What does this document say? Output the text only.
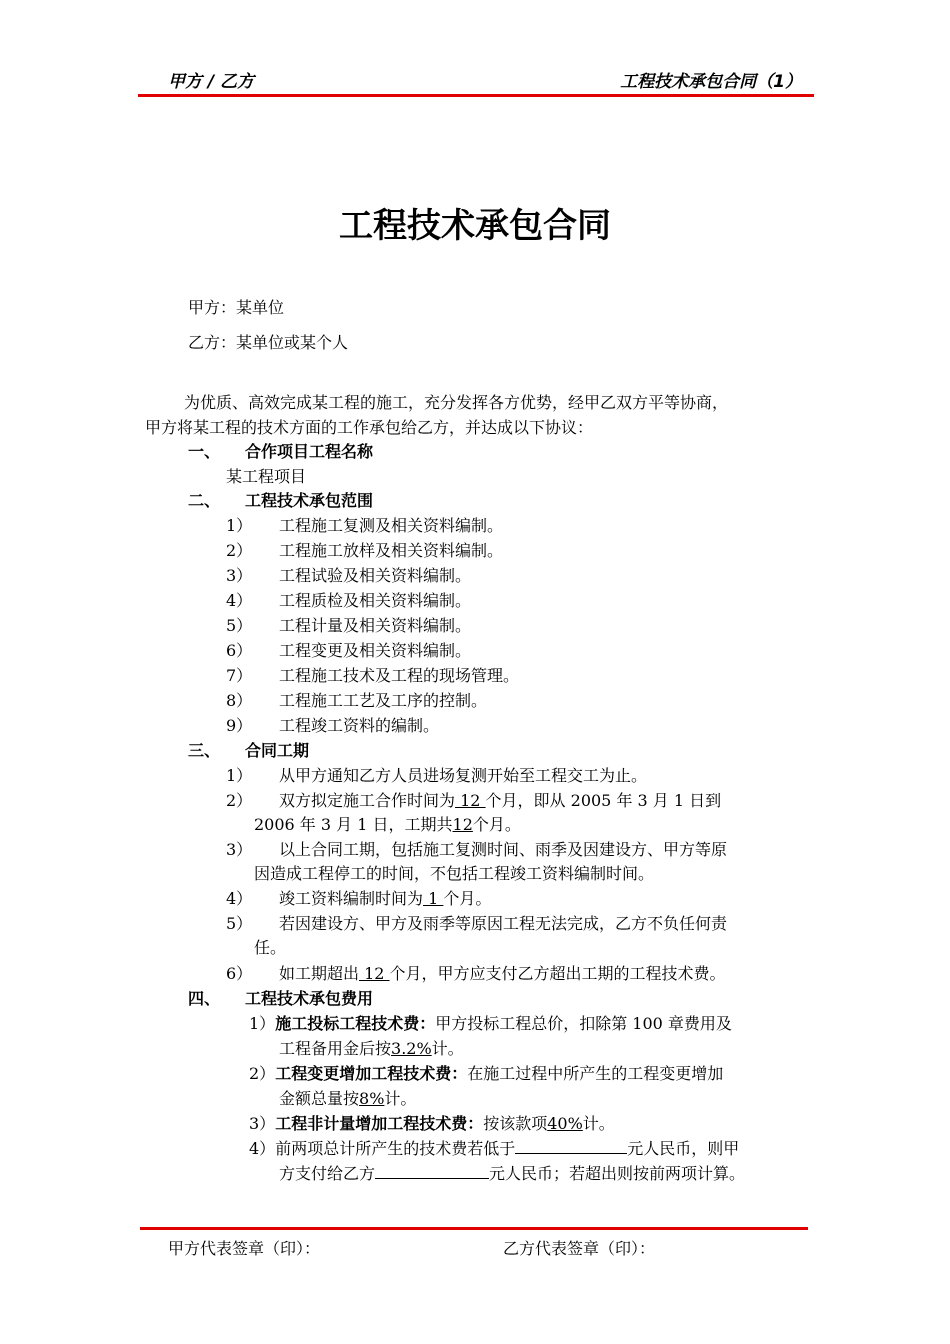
甲方 / 乙方	工程技术承包合同（1）
工程技术承包合同
甲方：某单位
乙方：某单位或某个人
为优质、高效完成某工程的施工，充分发挥各方优势，经甲乙双方平等协商，
甲方将某工程的技术方面的工作承包给乙方，并达成以下协议：
一、 合作项目工程名称
某工程项目
二、 工程技术承包范围
1） 工程施工复测及相关资料编制。
2） 工程施工放样及相关资料编制。
3） 工程试验及相关资料编制。
4） 工程质检及相关资料编制。
5） 工程计量及相关资料编制。
6） 工程变更及相关资料编制。
7） 工程施工技术及工程的现场管理。
8） 工程施工工艺及工序的控制。
9） 工程竣工资料的编制。
三、 合同工期
1） 从甲方通知乙方人员进场复测开始至工程交工为止。
2） 双方拟定施工合作时间为 12 个月，即从 2005 年 3 月 1 日到
2006 年 3 月 1 日，工期共12个月。
3） 以上合同工期，包括施工复测时间、雨季及因建设方、甲方等原
因造成工程停工的时间，不包括工程竣工资料编制时间。
4） 竣工资料编制时间为 1 个月。
5） 若因建设方、甲方及雨季等原因工程无法完成，乙方不负任何责
任。
6） 如工期超出 12 个月，甲方应支付乙方超出工期的工程技术费。
四、 工程技术承包费用
1）施工投标工程技术费：甲方投标工程总价，扣除第 100 章费用及
工程备用金后按3.2%计。
2）工程变更增加工程技术费：在施工过程中所产生的工程变更增加
金额总量按8%计。
3）工程非计量增加工程技术费：按该款项40%计。
4）前两项总计所产生的技术费若低于	元人民币，则甲
方支付给乙方	元人民币；若超出则按前两项计算。
甲方代表签章（印）：	乙方代表签章（印）：
